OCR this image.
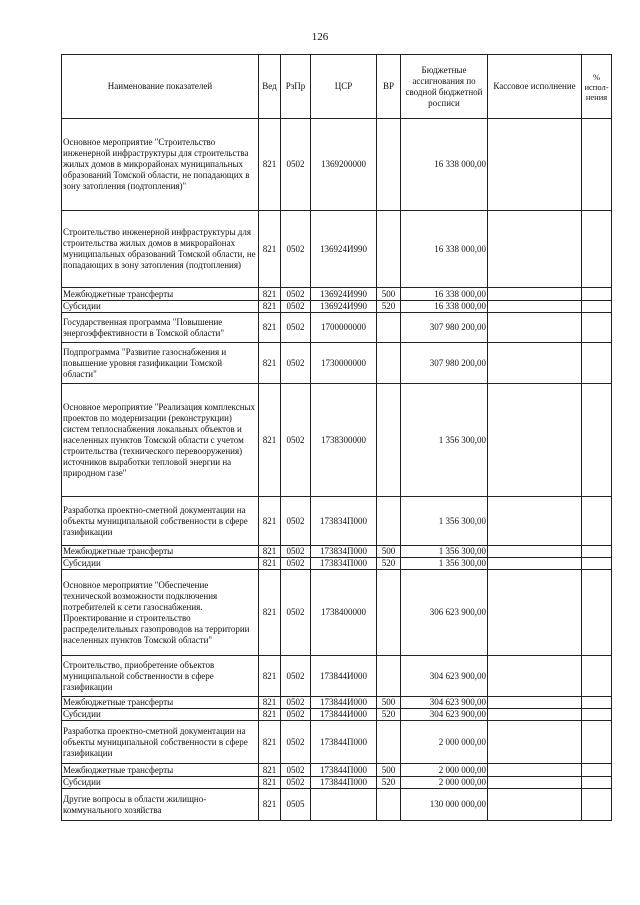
126
Наименование показателей	Вед	РзПр	ЦСР	ВР	Бюджетные ассигнования по сводной бюджетной росписи	Кассовое исполнение	% испол-нения
Основное мероприятие "Строительство инженерной инфраструктуры для строительства жилых домов в микрорайонах муниципальных образований Томской области, не попадающих в зону затопления (подтопления)"	821	0502	1369200000		16 338 000,00		
Строительство инженерной инфраструктуры для строительства жилых домов в микрорайонах муниципальных образований Томской области, не попадающих в зону затопления (подтопления)	821	0502	136924И990		16 338 000,00		
Межбюджетные трансферты	821	0502	136924И990	500	16 338 000,00		
Субсидии	821	0502	136924И990	520	16 338 000,00		
Государственная программа "Повышение энергоэффективности в Томской области"	821	0502	1700000000		307 980 200,00		
Подпрограмма "Развитие газоснабжения и повышение уровня газификации Томской области"	821	0502	1730000000		307 980 200,00		
Основное мероприятие "Реализация комплексных проектов по модернизации (реконструкции) систем теплоснабжения локальных объектов и населенных пунктов Томской области с учетом строительства (технического перевооружения) источников выработки тепловой энергии на природном газе"	821	0502	1738300000		1 356 300,00		
Разработка проектно-сметной документации на объекты муниципальной собственности в сфере газификации	821	0502	173834П000		1 356 300,00		
Межбюджетные трансферты	821	0502	173834П000	500	1 356 300,00		
Субсидии	821	0502	173834П000	520	1 356 300,00		
Основное мероприятие "Обеспечение технической возможности подключения потребителей к сети газоснабжения. Проектирование и строительство распределительных газопроводов на территории населенных пунктов Томской области"	821	0502	1738400000		306 623 900,00		
Строительство, приобретение объектов муниципальной собственности в сфере газификации	821	0502	173844И000		304 623 900,00		
Межбюджетные трансферты	821	0502	173844И000	500	304 623 900,00		
Субсидии	821	0502	173844И000	520	304 623 900,00		
Разработка проектно-сметной документации на объекты муниципальной собственности в сфере газификации	821	0502	173844П000		2 000 000,00		
Межбюджетные трансферты	821	0502	173844П000	500	2 000 000,00		
Субсидии	821	0502	173844П000	520	2 000 000,00		
Другие вопросы в области жилищно-коммунального хозяйства	821	0505			130 000 000,00		
